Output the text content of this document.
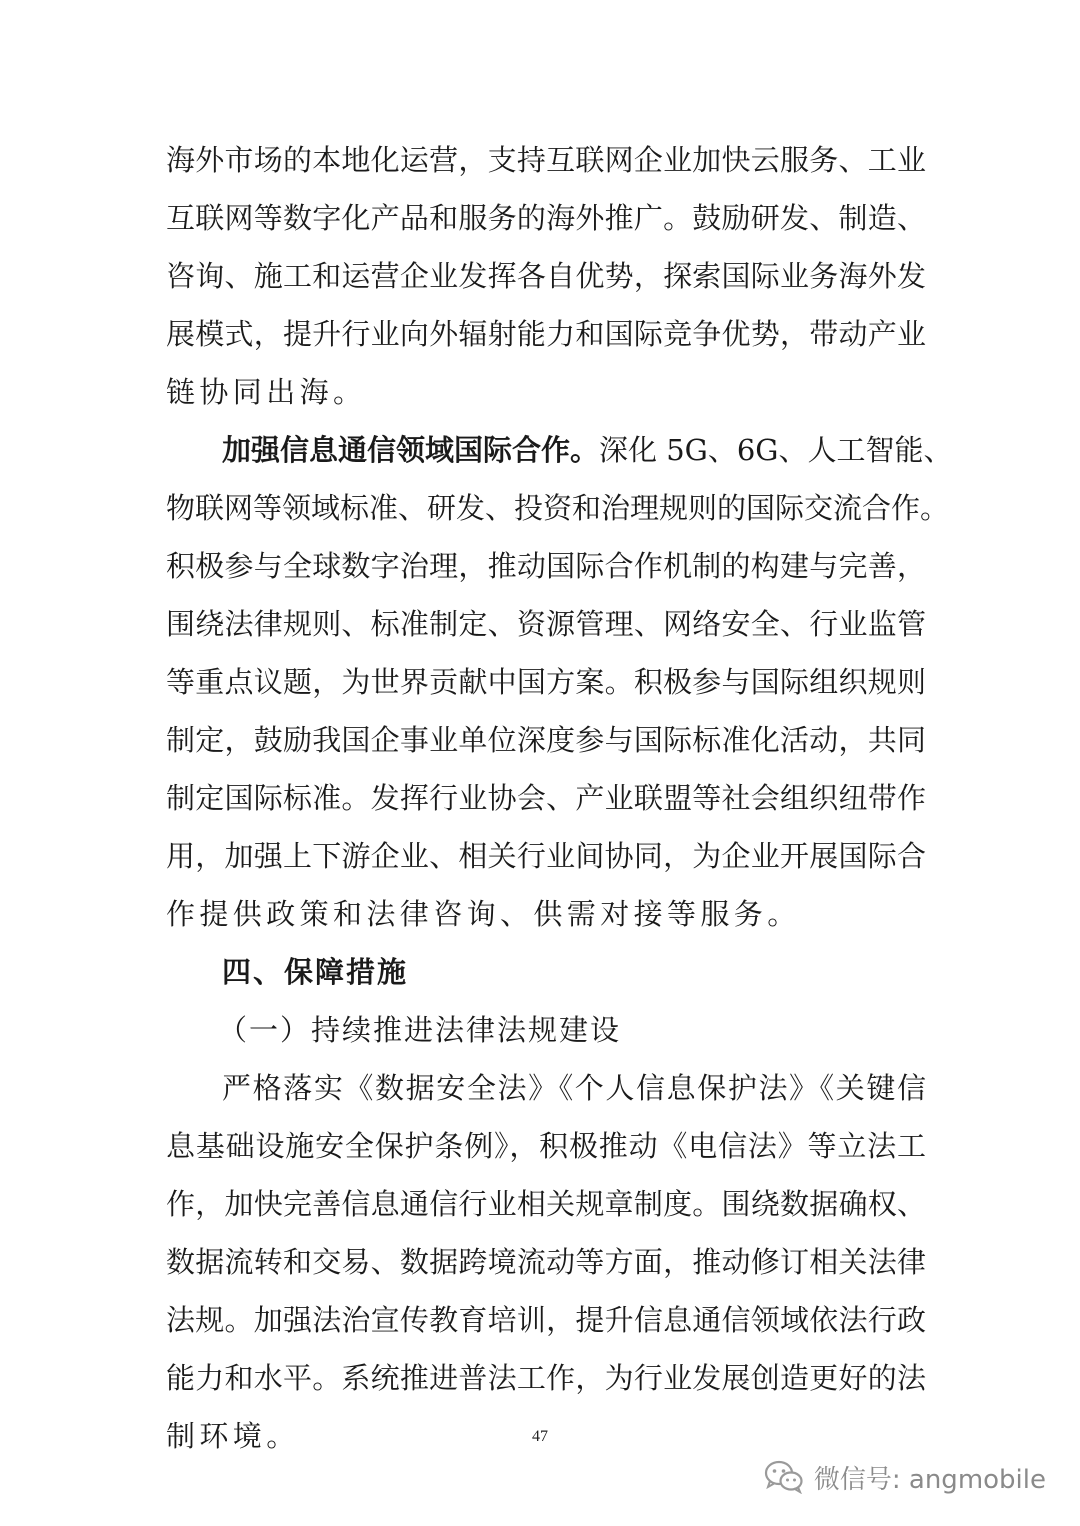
海外市场的本地化运营，支持互联网企业加快云服务、工业
互联网等数字化产品和服务的海外推广。鼓励研发、制造、
咨询、施工和运营企业发挥各自优势，探索国际业务海外发
展模式，提升行业向外辐射能力和国际竞争优势，带动产业
链协同出海。
加强信息通信领域国际合作。深化 5G、6G、人工智能、
物联网等领域标准、研发、投资和治理规则的国际交流合作。
积极参与全球数字治理，推动国际合作机制的构建与完善，
围绕法律规则、标准制定、资源管理、网络安全、行业监管
等重点议题，为世界贡献中国方案。积极参与国际组织规则
制定，鼓励我国企事业单位深度参与国际标准化活动，共同
制定国际标准。发挥行业协会、产业联盟等社会组织纽带作
用，加强上下游企业、相关行业间协同，为企业开展国际合
作提供政策和法律咨询、供需对接等服务。
四、保障措施
（一）持续推进法律法规建设
严格落实《数据安全法》《个人信息保护法》《关键信
息基础设施安全保护条例》，积极推动《电信法》等立法工
作，加快完善信息通信行业相关规章制度。围绕数据确权、
数据流转和交易、数据跨境流动等方面，推动修订相关法律
法规。加强法治宣传教育培训，提升信息通信领域依法行政
能力和水平。系统推进普法工作，为行业发展创造更好的法
制环境。	47
微信号: angmobile
